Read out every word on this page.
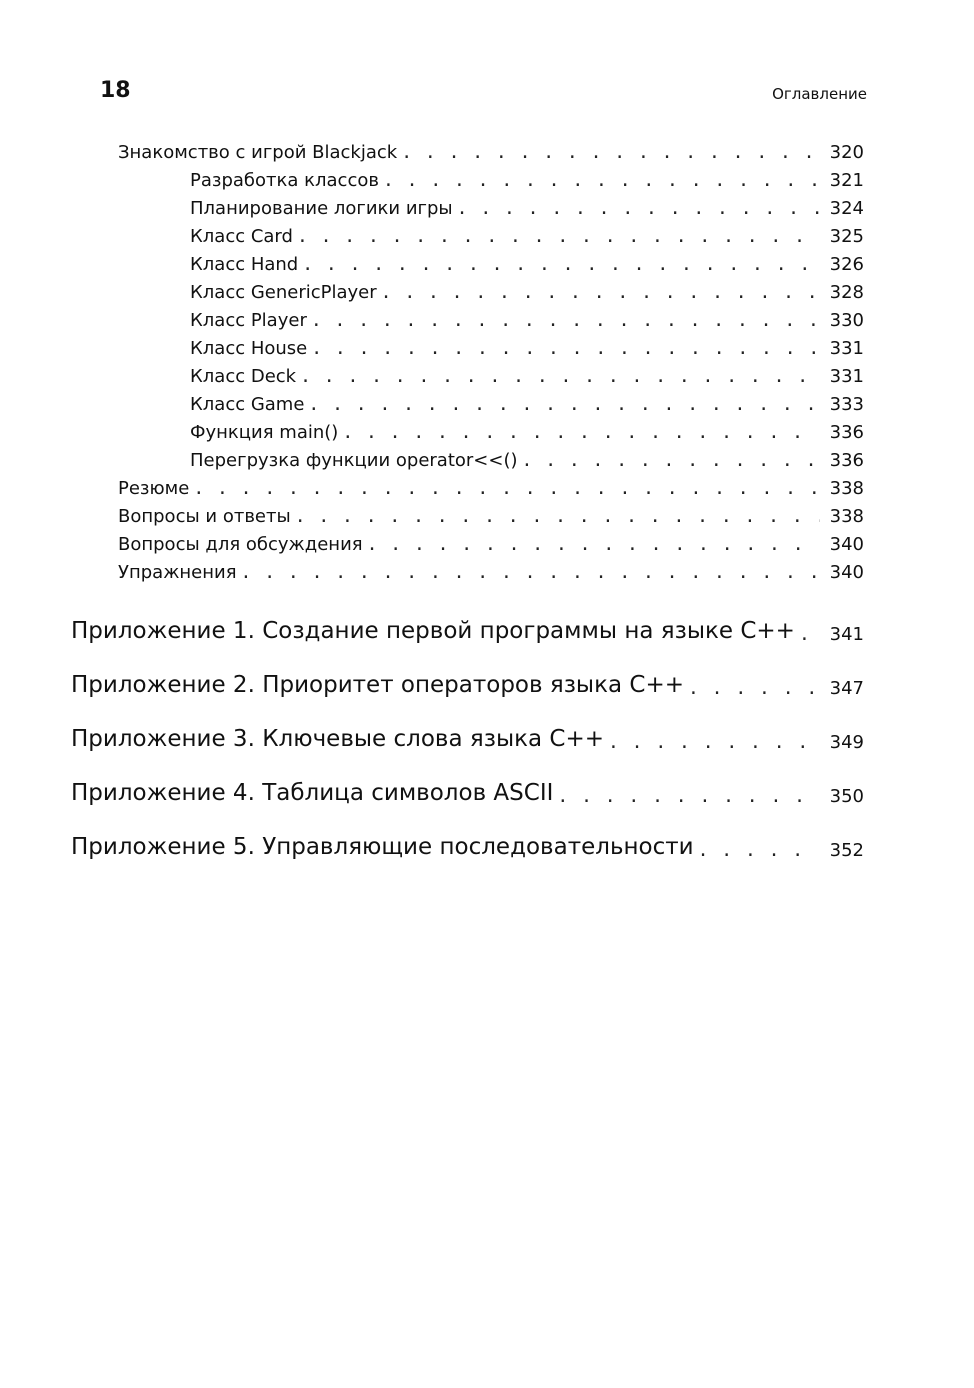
18	Оглавление
Знакомство с игрой Blackjack . . .	320
Разработка классов . . .	321
Планирование логики игры . . .	324
Класс Card . . .	325
Класс Hand . . .	326
Класс GenericPlayer . . .	328
Класс Player . . .	330
Класс House . . .	331
Класс Deck . . .	331
Класс Game . . .	333
Функция main() . . .	336
Перегрузка функции operator<<() . . .	336
Резюме . . .	338
Вопросы и ответы . . .	338
Вопросы для обсуждения . . .	340
Упражнения . . .	340
Приложение 1. Создание первой программы на языке С++ . . .	341
Приложение 2. Приоритет операторов языка С++ . . .	347
Приложение 3. Ключевые слова языка С++ . . .	349
Приложение 4. Таблица символов ASCII . . .	350
Приложение 5. Управляющие последовательности . . .	352
